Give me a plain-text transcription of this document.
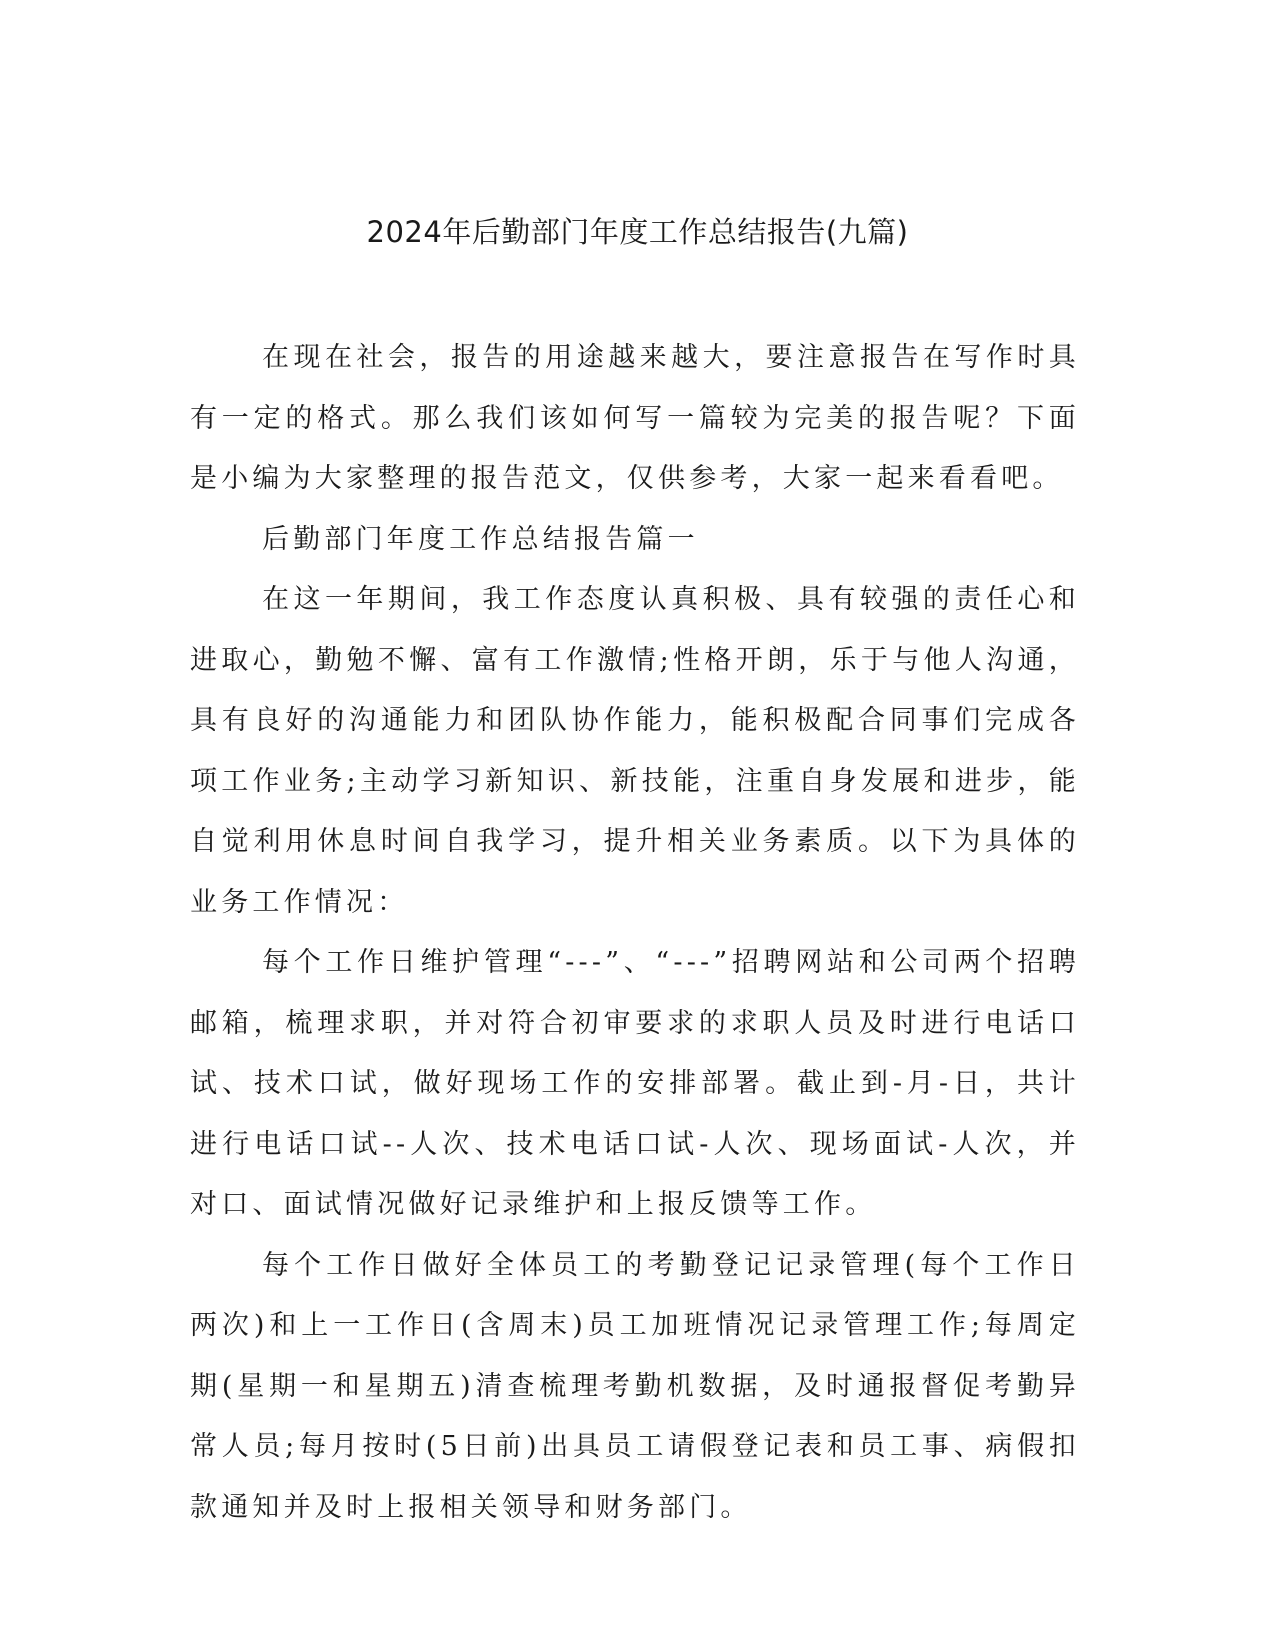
2024年后勤部门年度工作总结报告(九篇)

在现在社会，报告的用途越来越大，要注意报告在写作时具有一定的格式。那么我们该如何写一篇较为完美的报告呢？下面是小编为大家整理的报告范文，仅供参考，大家一起来看看吧。

后勤部门年度工作总结报告篇一

在这一年期间，我工作态度认真积极、具有较强的责任心和进取心，勤勉不懈、富有工作激情;性格开朗，乐于与他人沟通，具有良好的沟通能力和团队协作能力，能积极配合同事们完成各项工作业务;主动学习新知识、新技能，注重自身发展和进步，能自觉利用休息时间自我学习，提升相关业务素质。以下为具体的业务工作情况：

每个工作日维护管理“---”、“---”招聘网站和公司两个招聘邮箱，梳理求职，并对符合初审要求的求职人员及时进行电话口试、技术口试，做好现场工作的安排部署。截止到-月-日，共计进行电话口试--人次、技术电话口试-人次、现场面试-人次，并对口、面试情况做好记录维护和上报反馈等工作。

每个工作日做好全体员工的考勤登记记录管理(每个工作日两次)和上一工作日(含周末)员工加班情况记录管理工作;每周定期(星期一和星期五)清查梳理考勤机数据，及时通报督促考勤异常人员;每月按时(5日前)出具员工请假登记表和员工事、病假扣款通知并及时上报相关领导和财务部门。
